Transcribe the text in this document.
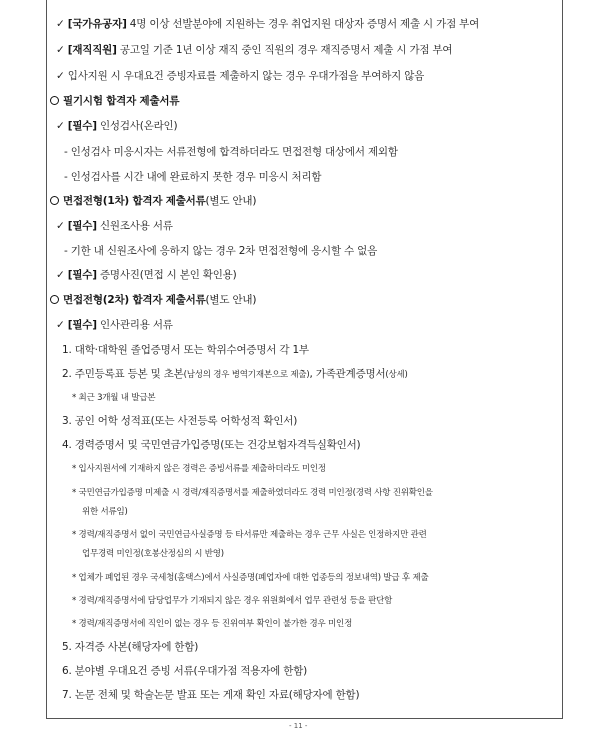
✓ [국가유공자] 4명 이상 선발분야에 지원하는 경우 취업지원 대상자 증명서 제출 시 가점 부여
✓ [재직직원] 공고일 기준 1년 이상 재직 중인 직원의 경우 재직증명서 제출 시 가점 부여
✓ 입사지원 시 우대요건 증빙자료를 제출하지 않는 경우 우대가점을 부여하지 않음
필기시험 합격자 제출서류
✓ [필수] 인성검사(온라인)
- 인성검사 미응시자는 서류전형에 합격하더라도 면접전형 대상에서 제외함
- 인성검사를 시간 내에 완료하지 못한 경우 미응시 처리함
면접전형(1차) 합격자 제출서류(별도 안내)
✓ [필수] 신원조사용 서류
- 기한 내 신원조사에 응하지 않는 경우 2차 면접전형에 응시할 수 없음
✓ [필수] 증명사진(면접 시 본인 확인용)
면접전형(2차) 합격자 제출서류(별도 안내)
✓ [필수] 인사관리용 서류
1. 대학·대학원 졸업증명서 또는 학위수여증명서 각 1부
2. 주민등록표 등본 및 초본(남성의 경우 병역기재본으로 제출), 가족관계증명서(상세)
* 최근 3개월 내 발급본
3. 공인 어학 성적표(또는 사전등록 어학성적 확인서)
4. 경력증명서 및 국민연금가입증명(또는 건강보험자격득실확인서)
* 입사지원서에 기재하지 않은 경력은 증빙서류를 제출하더라도 미인정
* 국민연금가입증명 미제출 시 경력/재직증명서를 제출하였더라도 경력 미인정(경력 사항 진위확인을
위한 서류임)
* 경력/재직증명서 없이 국민연금사실증명 등 타서류만 제출하는 경우 근무 사실은 인정하지만 관련
업무경력 미인정(호봉산정심의 시 반영)
* 업체가 폐업된 경우 국세청(홈택스)에서 사실증명(폐업자에 대한 업종등의 정보내역) 발급 후 제출
* 경력/재직증명서에 담당업무가 기재되지 않은 경우 위원회에서 업무 관련성 등을 판단함
* 경력/재직증명서에 직인이 없는 경우 등 진위여부 확인이 불가한 경우 미인정
5. 자격증 사본(해당자에 한함)
6. 분야별 우대요건 증빙 서류(우대가점 적용자에 한함)
7. 논문 전체 및 학술논문 발표 또는 게재 확인 자료(해당자에 한함)
- 11 -
